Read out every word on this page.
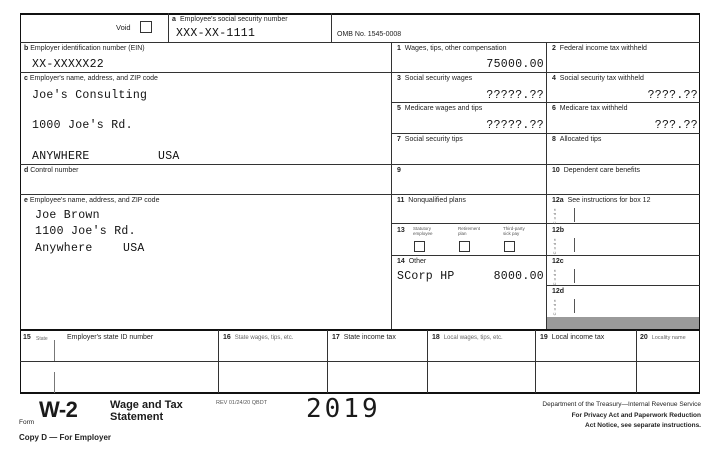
Void
a Employee's social security number
XXX-XX-1111	OMB No. 1545-0008
b Employer identification number (EIN)
XX-XXXXX22
c Employer's name, address, and ZIP code
Joe's Consulting
1000 Joe's Rd.
ANYWHERE	USA
d Control number
e Employee's name, address, and ZIP code
Joe Brown
1100 Joe's Rd.
Anywhere	USA
1 Wages, tips, other compensation
75000.00
2 Federal income tax withheld
3 Social security wages
?????.??
4 Social security tax withheld
????.??
5 Medicare wages and tips
?????.??
6 Medicare tax withheld
???.??
7 Social security tips	8 Allocated tips
9	10 Dependent care benefits
11 Nonqualified plans	12a See instructions for box 12
C o d e
13 Statutory employee
Retirement plan
Third-party sick pay	12b
C o d e
14 Other
SCorp HP	8000.00
12c
C o d e
12d
C o d e
15 State	Employer's state ID number	16 State wages, tips, etc.	17 State income tax	18 Local wages, tips, etc.	19 Local income tax	20 Locality name
Form
W-2	Wage and Tax
Statement
REV 01/24/20 QBDT 2019	Department of the Treasury—Internal Revenue Service
For Privacy Act and Paperwork Reduction
Act Notice, see separate instructions.
Copy D — For Employer
